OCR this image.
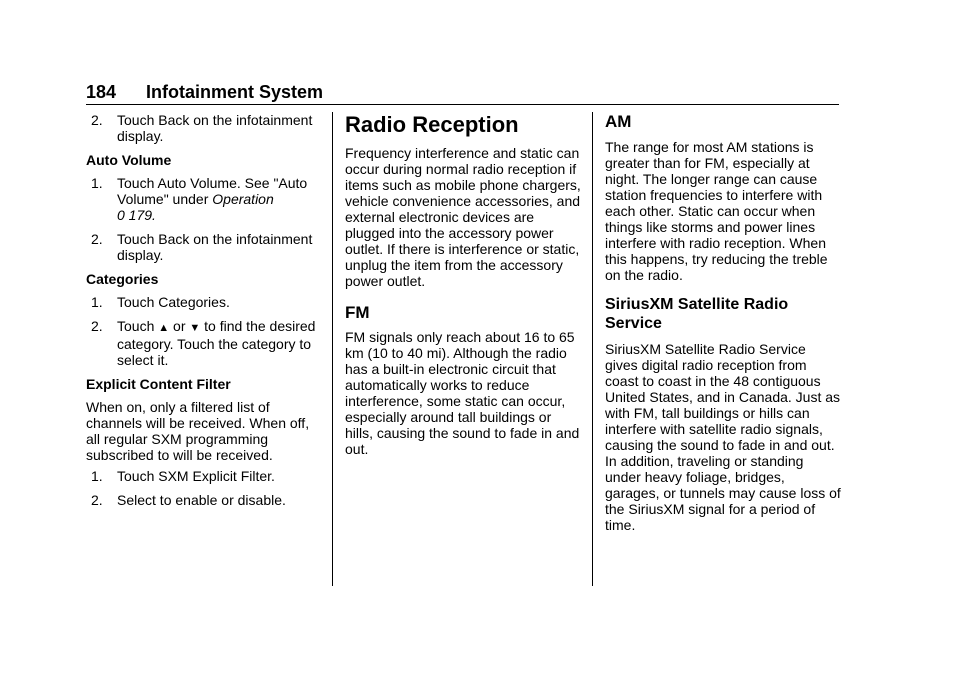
184 Infotainment System
2. Touch Back on the infotainment display.

Auto Volume

1. Touch Auto Volume. See "Auto Volume" under Operation
0 179.
2. Touch Back on the infotainment display.

Categories

1. Touch Categories.
2. Touch ▲ or ▼ to find the desired category. Touch the category to select it.

Explicit Content Filter

When on, only a filtered list of channels will be received. When off, all regular SXM programming subscribed to will be received.

1. Touch SXM Explicit Filter.
2. Select to enable or disable.

Radio Reception

Frequency interference and static can occur during normal radio reception if items such as mobile phone chargers, vehicle convenience accessories, and external electronic devices are plugged into the accessory power outlet. If there is interference or static, unplug the item from the accessory power outlet.

FM

FM signals only reach about 16 to 65 km (10 to 40 mi). Although the radio has a built-in electronic circuit that automatically works to reduce interference, some static can occur, especially around tall buildings or hills, causing the sound to fade in and out.

AM

The range for most AM stations is greater than for FM, especially at night. The longer range can cause station frequencies to interfere with each other. Static can occur when things like storms and power lines interfere with radio reception. When this happens, try reducing the treble on the radio.

SiriusXM Satellite Radio Service

SiriusXM Satellite Radio Service gives digital radio reception from coast to coast in the 48 contiguous United States, and in Canada. Just as with FM, tall buildings or hills can interfere with satellite radio signals, causing the sound to fade in and out. In addition, traveling or standing under heavy foliage, bridges, garages, or tunnels may cause loss of the SiriusXM signal for a period of time.
